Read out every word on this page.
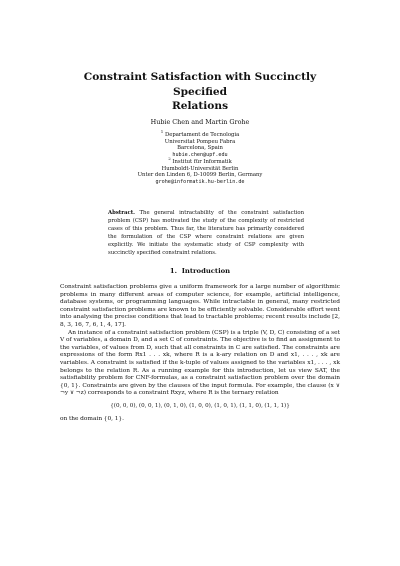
Constraint Satisfaction with Succinctly Specified
Relations
Hubie Chen and Martin Grohe
$^1$ Departament de Tecnologia
Universitat Pompeu Fabra
Barcelona, Spain
hubie.chen@upf.edu
$^2$ Institut für Informatik
Humboldt-Universität Berlin
Unter den Linden 6, D-10099 Berlin, Germany
grohe@informatik.hu-berlin.de
Abstract. The general intractability of the constraint satisfaction problem (CSP) has motivated the study of the complexity of restricted cases of this problem. Thus far, the literature has primarily considered the formulation of the CSP where constraint relations are given explicitly. We initiate the systematic study of CSP complexity with succinctly specified constraint relations.
1.  Introduction

Constraint satisfaction problems give a uniform framework for a large number of algorithmic problems in many different areas of computer science, for example, artificial intelligence, database systems, or programming languages. While intractable in general, many restricted constraint satisfaction problems are known to be efficiently solvable. Considerable effort went into analysing the precise conditions that lead to tractable problems; recent results include [2, 8, 3, 16, 7, 6, 1, 4, 17].

An instance of a constraint satisfaction problem (CSP) is a triple (V, D, C) consisting of a set V of variables, a domain D, and a set C of constraints. The objective is to find an assignment to the variables, of values from D, such that all constraints in C are satisfied. The constraints are expressions of the form Rx1 . . . xk, where R is a k-ary relation on D and x1, . . . , xk are variables. A constraint is satisfied if the k-tuple of values assigned to the variables x1, . . . , xk belongs to the relation R. As a running example for this introduction, let us view SAT, the satisfiability problem for CNF-formulas, as a constraint satisfaction problem over the domain {0, 1}. Constraints are given by the clauses of the input formula. For example, the clause (x ∨ ¬y ∨ ¬z) corresponds to a constraint Rxyz, where R is the ternary relation

{(0, 0, 0), (0, 0, 1), (0, 1, 0), (1, 0, 0), (1, 0, 1), (1, 1, 0), (1, 1, 1)}

on the domain {0, 1}.
